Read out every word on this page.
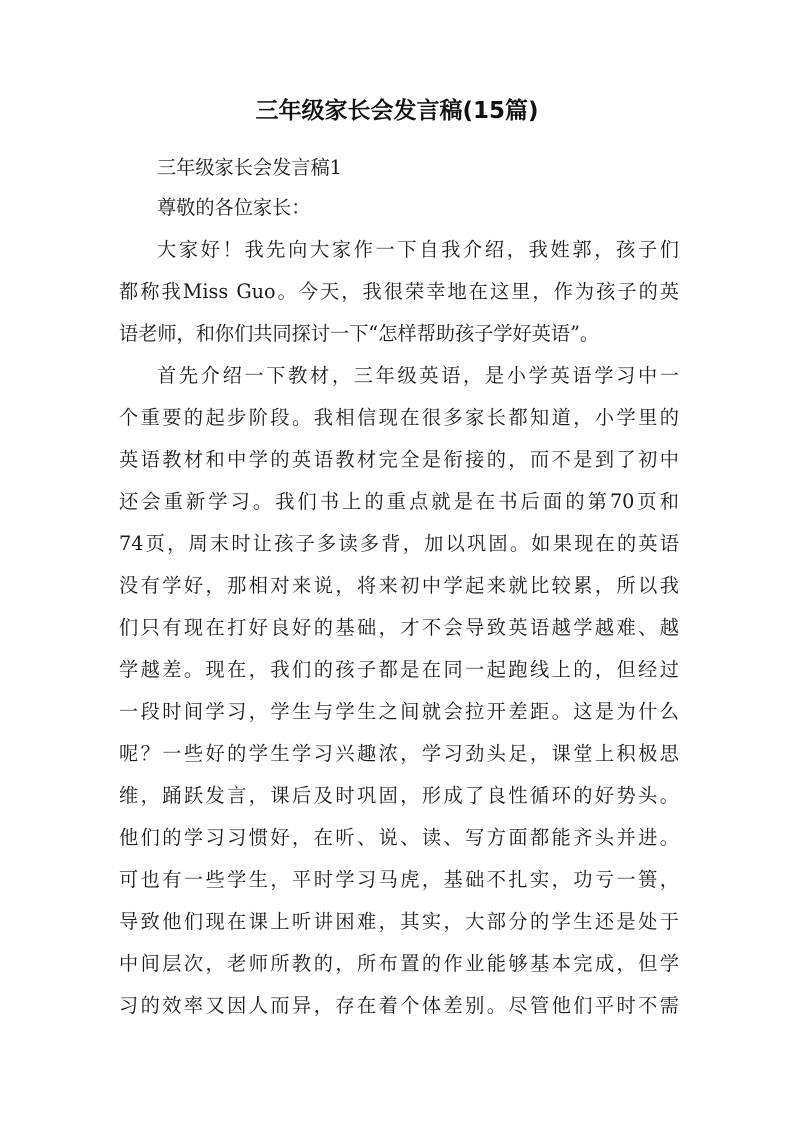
三年级家长会发言稿(15篇)
三年级家长会发言稿1
尊敬的各位家长：
大家好！我先向大家作一下自我介绍，我姓郭，孩子们
都称我Miss Guo。今天，我很荣幸地在这里，作为孩子的英
语老师，和你们共同探讨一下“怎样帮助孩子学好英语”。
首先介绍一下教材，三年级英语，是小学英语学习中一
个重要的起步阶段。我相信现在很多家长都知道，小学里的
英语教材和中学的英语教材完全是衔接的，而不是到了初中
还会重新学习。我们书上的重点就是在书后面的第70页和
74页，周末时让孩子多读多背，加以巩固。如果现在的英语
没有学好，那相对来说，将来初中学起来就比较累，所以我
们只有现在打好良好的基础，才不会导致英语越学越难、越
学越差。现在，我们的孩子都是在同一起跑线上的，但经过
一段时间学习，学生与学生之间就会拉开差距。这是为什么
呢？一些好的学生学习兴趣浓，学习劲头足，课堂上积极思
维，踊跃发言，课后及时巩固，形成了良性循环的好势头。
他们的学习习惯好，在听、说、读、写方面都能齐头并进。
可也有一些学生，平时学习马虎，基础不扎实，功亏一篑，
导致他们现在课上听讲困难，其实，大部分的学生还是处于
中间层次，老师所教的，所布置的作业能够基本完成，但学
习的效率又因人而异，存在着个体差别。尽管他们平时不需
